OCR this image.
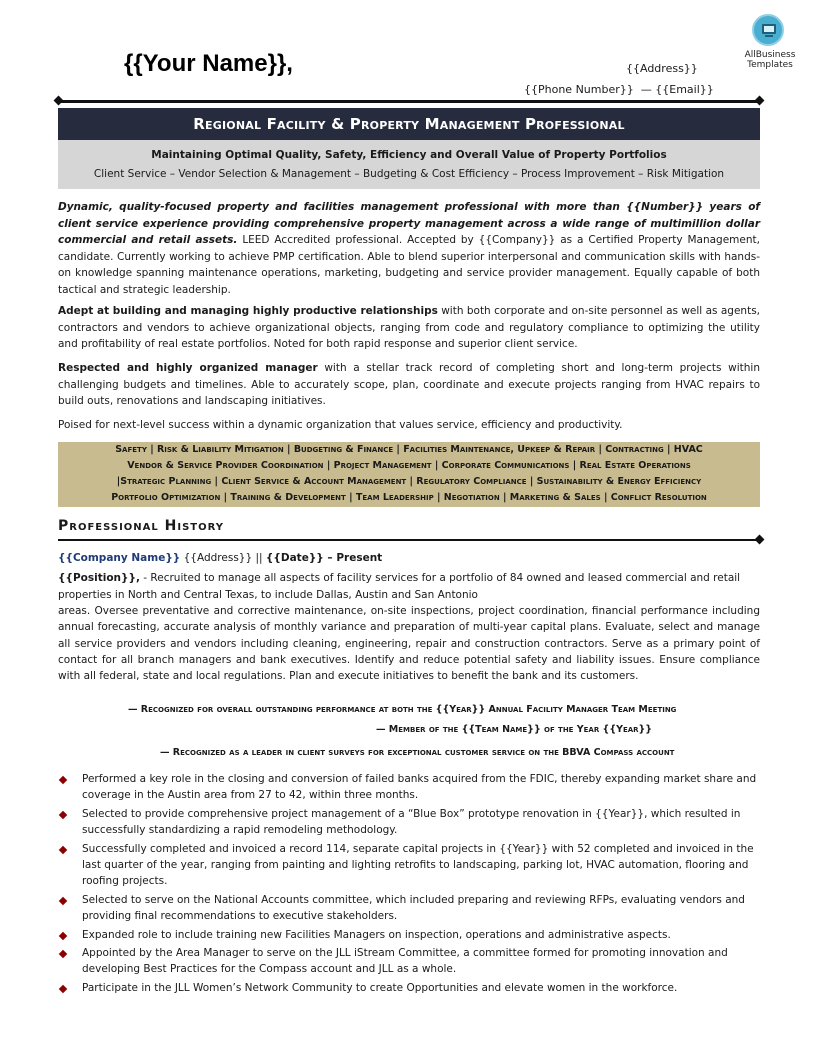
AllBusiness
Templates
{{Your Name}},	{{Address}}
{{Phone Number}} — {{Email}}
Regional Facility & Property Management Professional
Maintaining Optimal Quality, Safety, Efficiency and Overall Value of Property Portfolios
Client Service – Vendor Selection & Management – Budgeting & Cost Efficiency – Process Improvement – Risk Mitigation
Dynamic, quality-focused property and facilities management professional with more than {{Number}} years of client service experience providing comprehensive property management across a wide range of multimillion dollar commercial and retail assets. LEED Accredited professional. Accepted by {{Company}} as a Certified Property Management, candidate. Currently working to achieve PMP certification. Able to blend superior interpersonal and communication skills with hands-on knowledge spanning maintenance operations, marketing, budgeting and service provider management. Equally capable of both tactical and strategic leadership.
Adept at building and managing highly productive relationships with both corporate and on-site personnel as well as agents, contractors and vendors to achieve organizational objects, ranging from code and regulatory compliance to optimizing the utility and profitability of real estate portfolios. Noted for both rapid response and superior client service.
Respected and highly organized manager with a stellar track record of completing short and long-term projects within challenging budgets and timelines. Able to accurately scope, plan, coordinate and execute projects ranging from HVAC repairs to build outs, renovations and landscaping initiatives.
Poised for next-level success within a dynamic organization that values service, efficiency and productivity.
Safety | Risk & Liability Mitigation | Budgeting & Finance | Facilities Maintenance, Upkeep & Repair | Contracting | HVAC
Vendor & Service Provider Coordination | Project Management | Corporate Communications | Real Estate Operations
|Strategic Planning | Client Service & Account Management | Regulatory Compliance | Sustainability & Energy Efficiency
Portfolio Optimization | Training & Development | Team Leadership | Negotiation | Marketing & Sales | Conflict Resolution
Professional History
{{Company Name}} {{Address}} || {{Date}} – Present
{{Position}}, - Recruited to manage all aspects of facility services for a portfolio of 84 owned and leased commercial and retail properties in North and Central Texas, to include Dallas, Austin and San Antonio
areas. Oversee preventative and corrective maintenance, on-site inspections, project coordination, financial performance including annual forecasting, accurate analysis of monthly variance and preparation of multi-year capital plans. Evaluate, select and manage all service providers and vendors including cleaning, engineering, repair and construction contractors. Serve as a primary point of contact for all branch managers and bank executives. Identify and reduce potential safety and liability issues. Ensure compliance with all federal, state and local regulations. Plan and execute initiatives to benefit the bank and its customers.
— Recognized for overall outstanding performance at both the {{Year}} Annual Facility Manager Team Meeting
— Member of the {{Team Name}} of the Year {{Year}}
— Recognized as a leader in client surveys for exceptional customer service on the BBVA Compass account
Performed a key role in the closing and conversion of failed banks acquired from the FDIC, thereby expanding market share and coverage in the Austin area from 27 to 42, within three months.
Selected to provide comprehensive project management of a “Blue Box” prototype renovation in {{Year}}, which resulted in successfully standardizing a rapid remodeling methodology.
Successfully completed and invoiced a record 114, separate capital projects in {{Year}} with 52 completed and invoiced in the last quarter of the year, ranging from painting and lighting retrofits to landscaping, parking lot, HVAC automation, flooring and roofing projects.
Selected to serve on the National Accounts committee, which included preparing and reviewing RFPs, evaluating vendors and providing final recommendations to executive stakeholders.
Expanded role to include training new Facilities Managers on inspection, operations and administrative aspects.
Appointed by the Area Manager to serve on the JLL iStream Committee, a committee formed for promoting innovation and developing Best Practices for the Compass account and JLL as a whole.
Participate in the JLL Women’s Network Community to create Opportunities and elevate women in the workforce.
